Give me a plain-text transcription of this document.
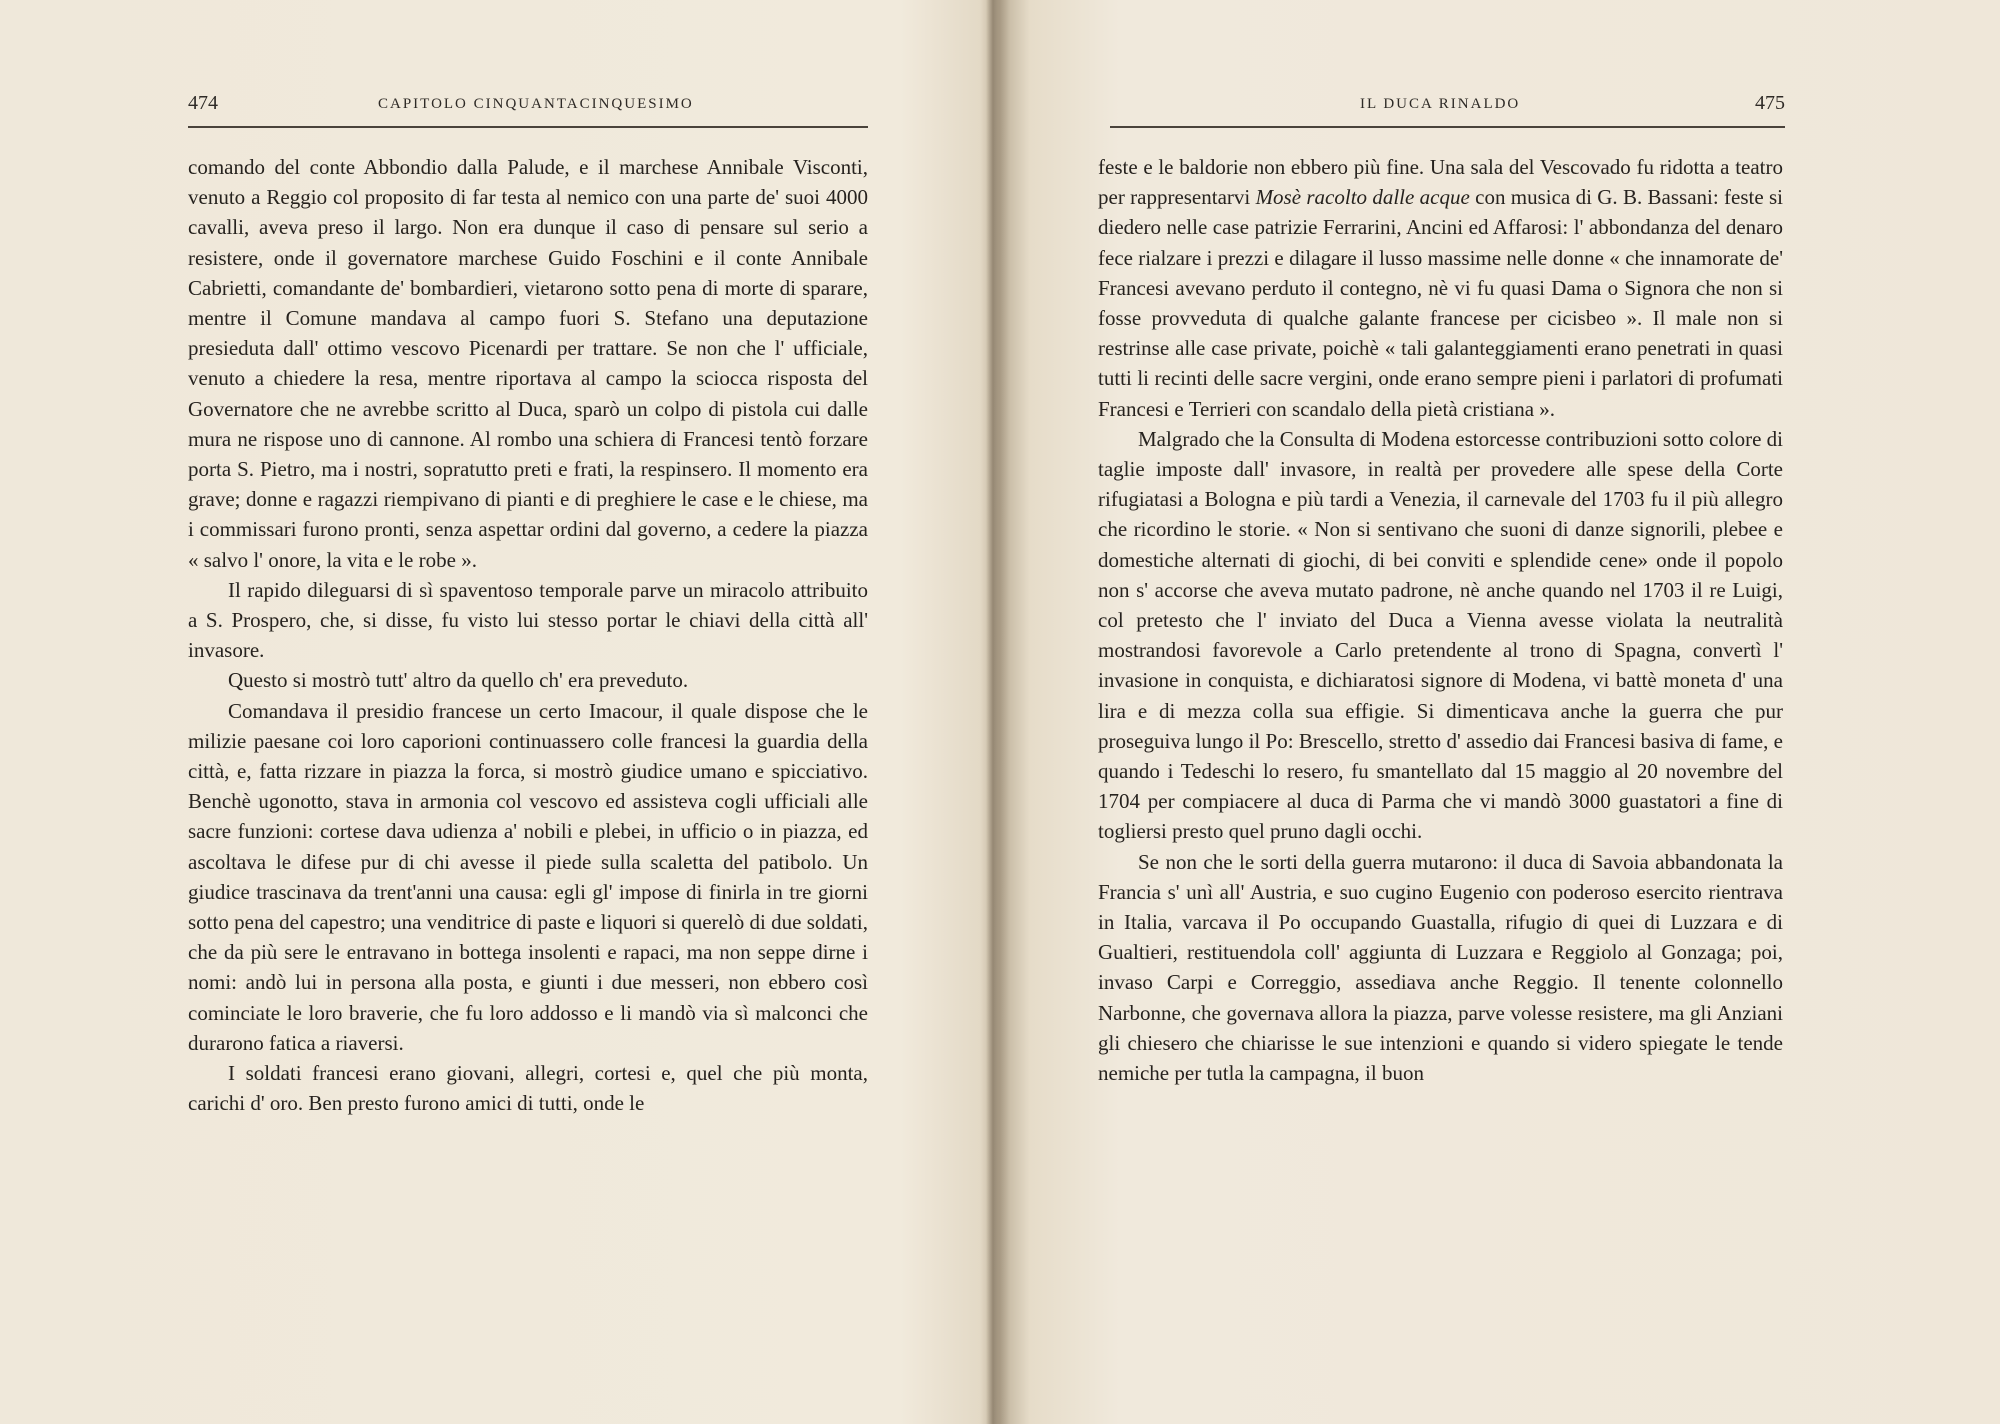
474	CAPITOLO CINQUANTACINQUESIMO

comando del conte Abbondio dalla Palude, e il marchese Annibale Visconti, venuto a Reggio col proposito di far testa al nemico con una parte de' suoi 4000 cavalli, aveva preso il largo. Non era dunque il caso di pensare sul serio a resistere, onde il governatore marchese Guido Foschini e il conte Annibale Cabrietti, comandante de' bombardieri, vietarono sotto pena di morte di sparare, mentre il Comune mandava al campo fuori S. Stefano una deputazione presieduta dall' ottimo vescovo Picenardi per trattare. Se non che l' ufficiale, venuto a chiedere la resa, mentre riportava al campo la sciocca risposta del Governatore che ne avrebbe scritto al Duca, sparò un colpo di pistola cui dalle mura ne rispose uno di cannone. Al rombo una schiera di Francesi tentò forzare porta S. Pietro, ma i nostri, sopratutto preti e frati, la respinsero. Il momento era grave; donne e ragazzi riempivano di pianti e di preghiere le case e le chiese, ma i commissari furono pronti, senza aspettar ordini dal governo, a cedere la piazza « salvo l' onore, la vita e le robe ».

Il rapido dileguarsi di sì spaventoso temporale parve un miracolo attribuito a S. Prospero, che, si disse, fu visto lui stesso portar le chiavi della città all' invasore.

Questo si mostrò tutt' altro da quello ch' era preveduto.

Comandava il presidio francese un certo Imacour, il quale dispose che le milizie paesane coi loro caporioni continuassero colle francesi la guardia della città, e, fatta rizzare in piazza la forca, si mostrò giudice umano e spicciativo. Benchè ugonotto, stava in armonia col vescovo ed assisteva cogli ufficiali alle sacre funzioni: cortese dava udienza a' nobili e plebei, in ufficio o in piazza, ed ascoltava le difese pur di chi avesse il piede sulla scaletta del patibolo. Un giudice trascinava da trent'anni una causa: egli gl' impose di finirla in tre giorni sotto pena del capestro; una venditrice di paste e liquori si querelò di due soldati, che da più sere le entravano in bottega insolenti e rapaci, ma non seppe dirne i nomi: andò lui in persona alla posta, e giunti i due messeri, non ebbero così cominciate le loro braverie, che fu loro addosso e li mandò via sì malconci che durarono fatica a riaversi.

I soldati francesi erano giovani, allegri, cortesi e, quel che più monta, carichi d' oro. Ben presto furono amici di tutti, onde le

IL DUCA RINALDO	475

feste e le baldorie non ebbero più fine. Una sala del Vescovado fu ridotta a teatro per rappresentarvi Mosè racolto dalle acque con musica di G. B. Bassani: feste si diedero nelle case patrizie Ferrarini, Ancini ed Affarosi: l' abbondanza del denaro fece rialzare i prezzi e dilagare il lusso massime nelle donne « che innamorate de' Francesi avevano perduto il contegno, nè vi fu quasi Dama o Signora che non si fosse provveduta di qualche galante francese per cicisbeo ». Il male non si restrinse alle case private, poichè « tali galanteggiamenti erano penetrati in quasi tutti li recinti delle sacre vergini, onde erano sempre pieni i parlatori di profumati Francesi e Terrieri con scandalo della pietà cristiana ».

Malgrado che la Consulta di Modena estorcesse contribuzioni sotto colore di taglie imposte dall' invasore, in realtà per provedere alle spese della Corte rifugiatasi a Bologna e più tardi a Venezia, il carnevale del 1703 fu il più allegro che ricordino le storie. « Non si sentivano che suoni di danze signorili, plebee e domestiche alternati di giochi, di bei conviti e splendide cene» onde il popolo non s' accorse che aveva mutato padrone, nè anche quando nel 1703 il re Luigi, col pretesto che l' inviato del Duca a Vienna avesse violata la neutralità mostrandosi favorevole a Carlo pretendente al trono di Spagna, convertì l' invasione in conquista, e dichiaratosi signore di Modena, vi battè moneta d' una lira e di mezza colla sua effigie. Si dimenticava anche la guerra che pur proseguiva lungo il Po: Brescello, stretto d' assedio dai Francesi basiva di fame, e quando i Tedeschi lo resero, fu smantellato dal 15 maggio al 20 novembre del 1704 per compiacere al duca di Parma che vi mandò 3000 guastatori a fine di togliersi presto quel pruno dagli occhi.

Se non che le sorti della guerra mutarono: il duca di Savoia abbandonata la Francia s' unì all' Austria, e suo cugino Eugenio con poderoso esercito rientrava in Italia, varcava il Po occupando Guastalla, rifugio di quei di Luzzara e di Gualtieri, restituendola coll' aggiunta di Luzzara e Reggiolo al Gonzaga; poi, invaso Carpi e Correggio, assediava anche Reggio. Il tenente colonnello Narbonne, che governava allora la piazza, parve volesse resistere, ma gli Anziani gli chiesero che chiarisse le sue intenzioni e quando si videro spiegate le tende nemiche per tutla la campagna, il buon
